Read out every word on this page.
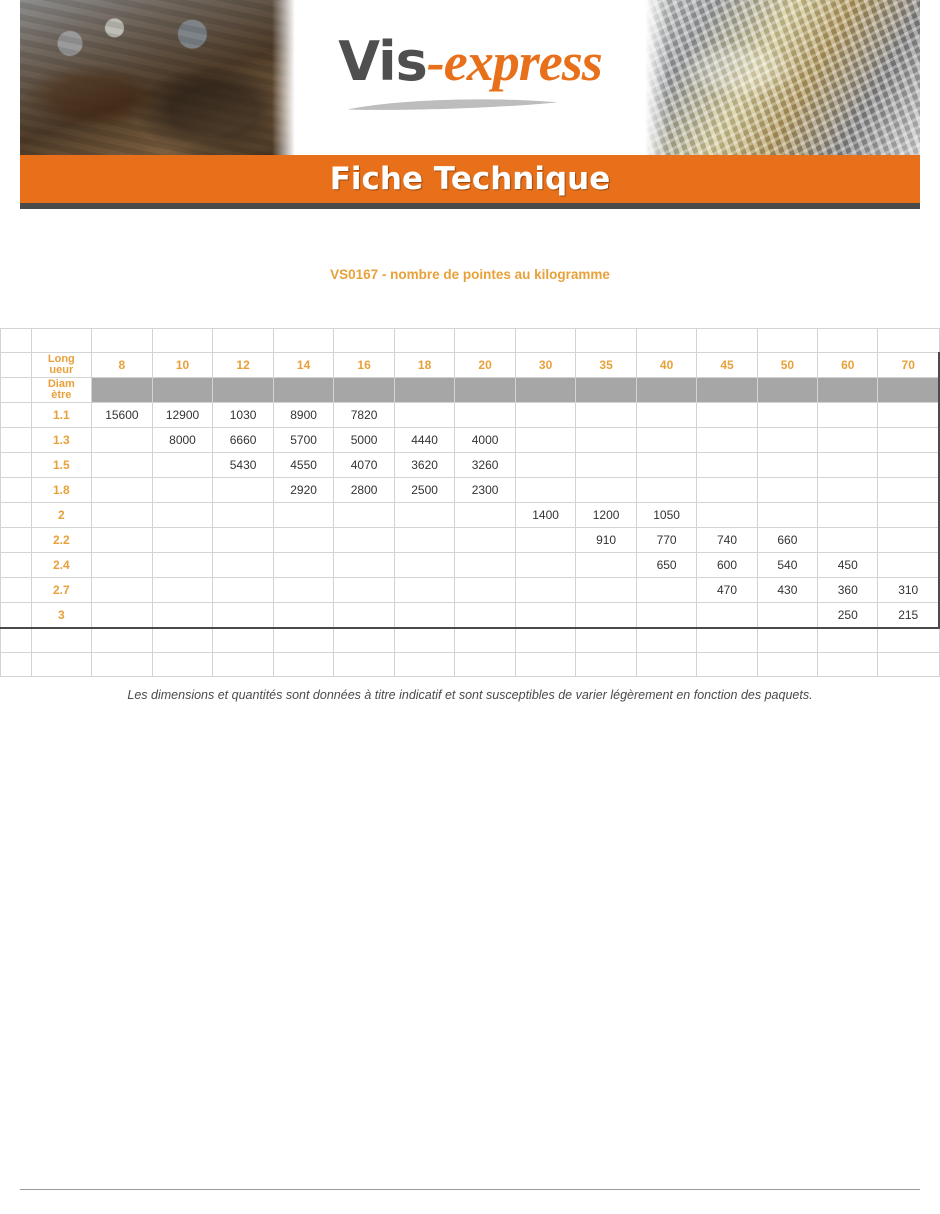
Vis-express
Fiche Technique
VS0167 - nombre de pointes au kilogramme

	Long
ueur	8	10	12	14	16	18	20	30	35	40	45	50	60	70

	Diam
ètre														

	1.1	15600	12900	1030	8900	7820									
	1.3		8000	6660	5700	5000	4440	4000							
	1.5			5430	4550	4070	3620	3260							
	1.8				2920	2800	2500	2300							
	2								1400	1200	1050				
	2.2									910	770	740	660		
	2.4										650	600	540	450	
	2.7											470	430	360	310
	3													250	215

Les dimensions et quantités sont données à titre indicatif et sont susceptibles de varier légèrement en fonction des paquets.
